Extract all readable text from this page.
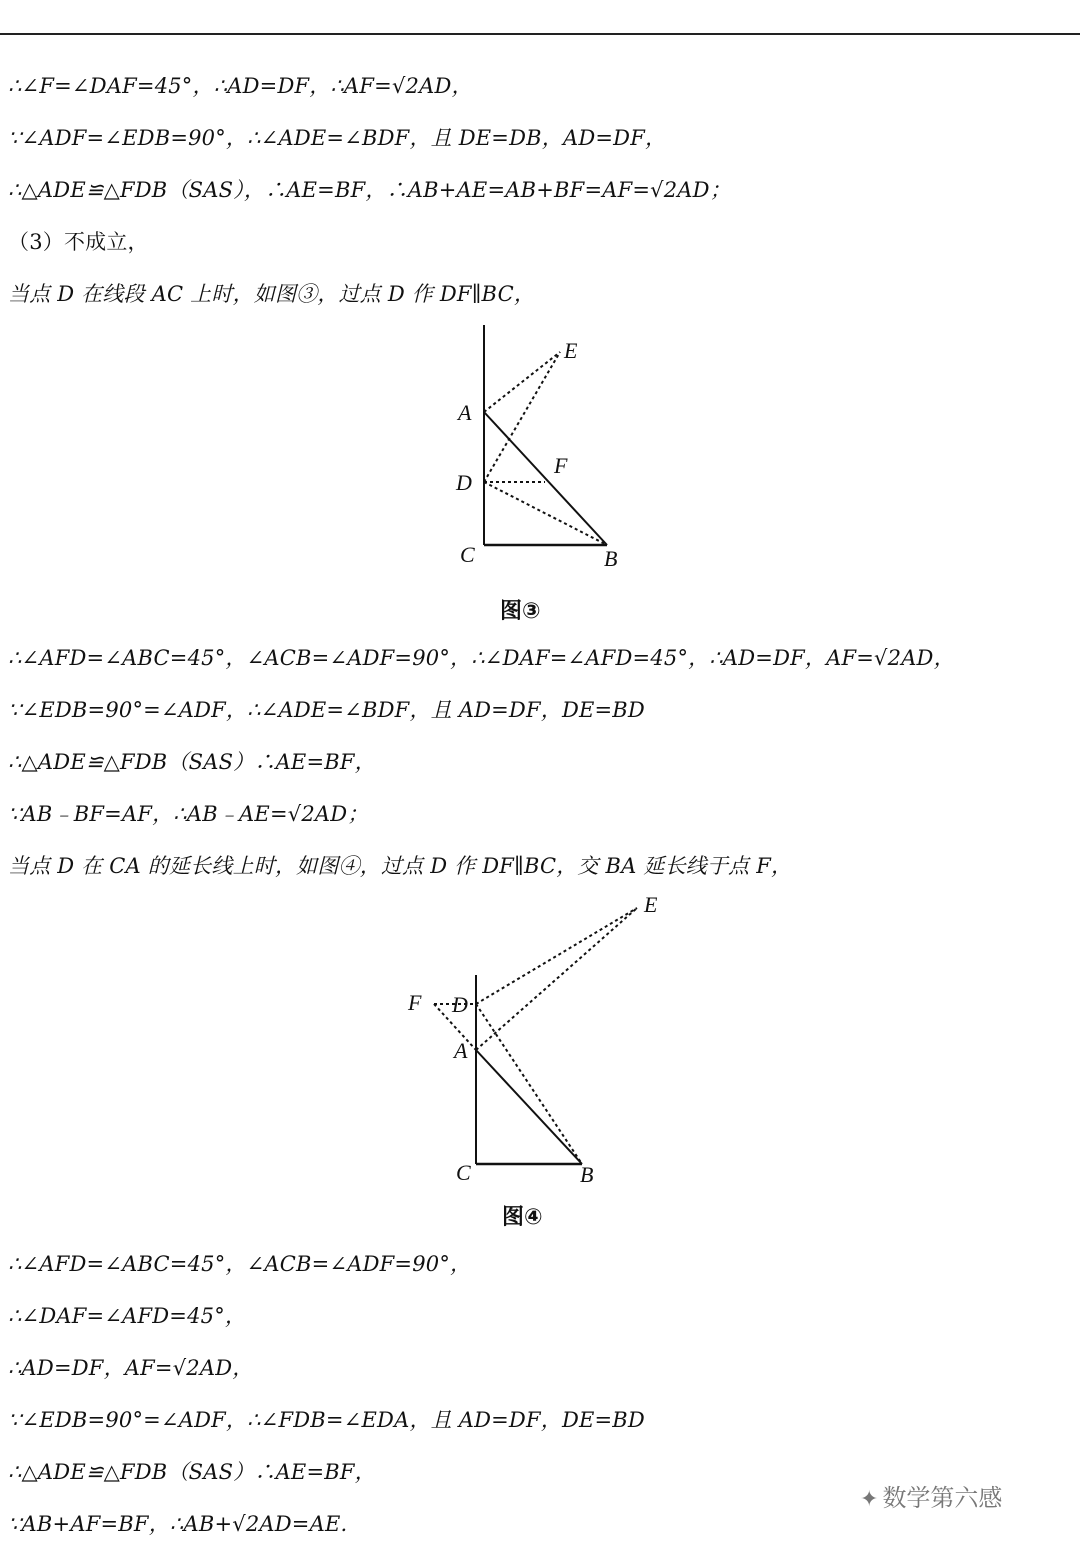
∴∠F=∠DAF=45°，∴AD=DF，∴AF=√2AD，
∵∠ADF=∠EDB=90°，∴∠ADE=∠BDF，且 DE=DB，AD=DF，
∴△ADE≌△FDB（SAS），∴AE=BF，∴AB+AE=AB+BF=AF=√2AD；
（3）不成立，
当点 D 在线段 AC 上时，如图③，过点 D 作 DF∥BC，
A
E
F
D
C	B
图③
∴∠AFD=∠ABC=45°，∠ACB=∠ADF=90°，∴∠DAF=∠AFD=45°，∴AD=DF，AF=√2AD，
∵∠EDB=90°=∠ADF，∴∠ADE=∠BDF，且 AD=DF，DE=BD
∴△ADE≌△FDB（SAS）∴AE=BF，
∵AB﹣BF=AF，∴AB﹣AE=√2AD；
当点 D 在 CA 的延长线上时，如图④，过点 D 作 DF∥BC，交 BA 延长线于点 F，
E
F D
A
C	B
图④
∴∠AFD=∠ABC=45°，∠ACB=∠ADF=90°，
∴∠DAF=∠AFD=45°，
∴AD=DF，AF=√2AD，
∵∠EDB=90°=∠ADF，∴∠FDB=∠EDA，且 AD=DF，DE=BD
∴△ADE≌△FDB（SAS）∴AE=BF，
∵AB+AF=BF，∴AB+√2AD=AE.
✦ 数学第六感
